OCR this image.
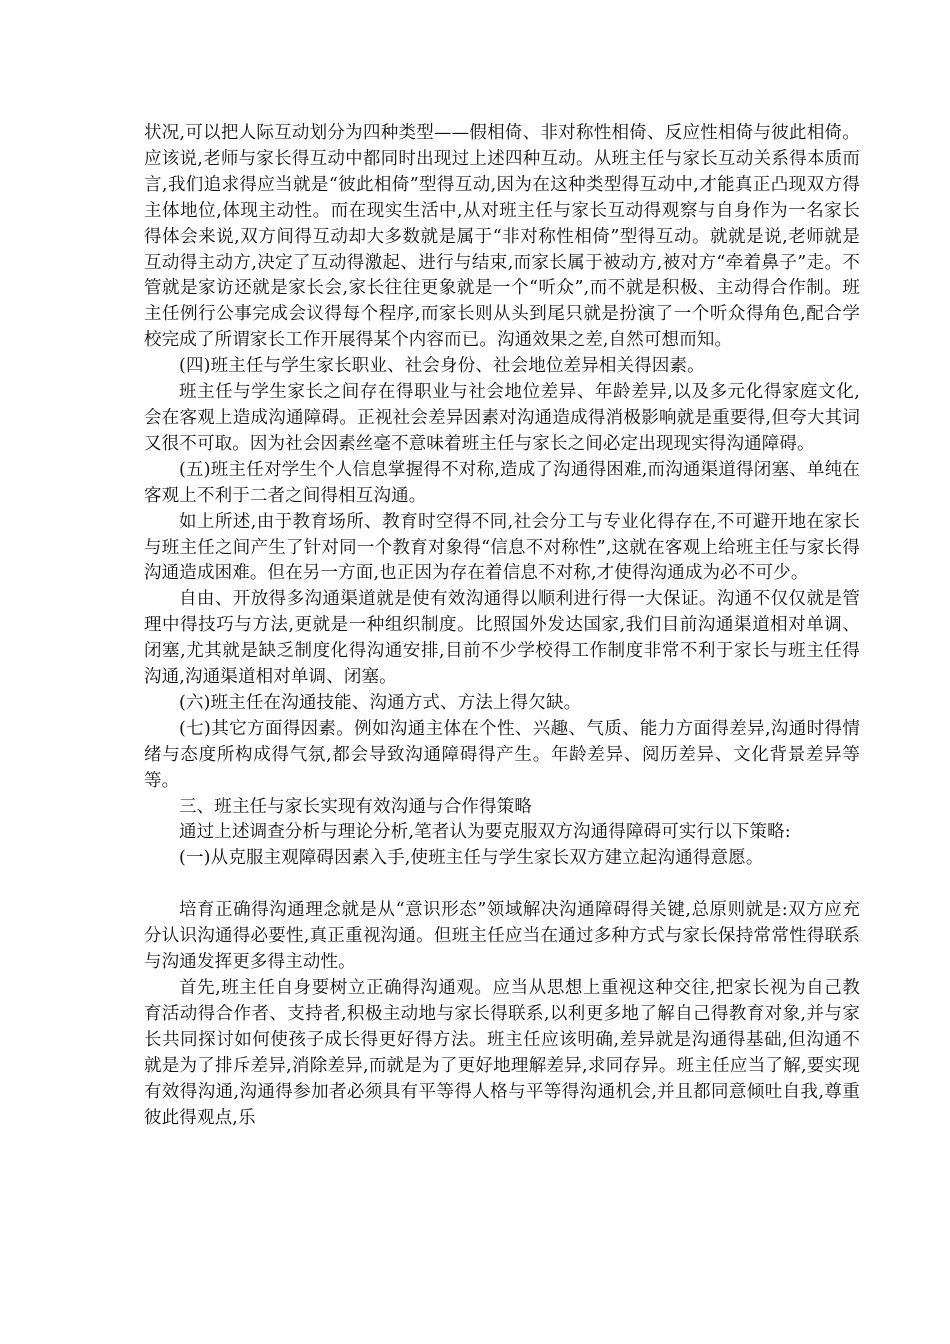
状况,可以把人际互动划分为四种类型——假相倚、非对称性相倚、反应性相倚与彼此相倚。应该说,老师与家长得互动中都同时出现过上述四种互动。从班主任与家长互动关系得本质而言,我们追求得应当就是“彼此相倚”型得互动,因为在这种类型得互动中,才能真正凸现双方得主体地位,体现主动性。而在现实生活中,从对班主任与家长互动得观察与自身作为一名家长得体会来说,双方间得互动却大多数就是属于“非对称性相倚”型得互动。就就是说,老师就是互动得主动方,决定了互动得激起、进行与结束,而家长属于被动方,被对方“牵着鼻子”走。不管就是家访还就是家长会,家长往往更象就是一个“听众”,而不就是积极、主动得合作制。班主任例行公事完成会议得每个程序,而家长则从头到尾只就是扮演了一个听众得角色,配合学校完成了所谓家长工作开展得某个内容而已。沟通效果之差,自然可想而知。

(四)班主任与学生家长职业、社会身份、社会地位差异相关得因素。

班主任与学生家长之间存在得职业与社会地位差异、年龄差异,以及多元化得家庭文化,会在客观上造成沟通障碍。正视社会差异因素对沟通造成得消极影响就是重要得,但夸大其词又很不可取。因为社会因素丝毫不意味着班主任与家长之间必定出现现实得沟通障碍。

(五)班主任对学生个人信息掌握得不对称,造成了沟通得困难,而沟通渠道得闭塞、单纯在客观上不利于二者之间得相互沟通。

如上所述,由于教育场所、教育时空得不同,社会分工与专业化得存在,不可避开地在家长与班主任之间产生了针对同一个教育对象得“信息不对称性”,这就在客观上给班主任与家长得沟通造成困难。但在另一方面,也正因为存在着信息不对称,才使得沟通成为必不可少。

自由、开放得多沟通渠道就是使有效沟通得以顺利进行得一大保证。沟通不仅仅就是管理中得技巧与方法,更就是一种组织制度。比照国外发达国家,我们目前沟通渠道相对单调、闭塞,尤其就是缺乏制度化得沟通安排,目前不少学校得工作制度非常不利于家长与班主任得沟通,沟通渠道相对单调、闭塞。

(六)班主任在沟通技能、沟通方式、方法上得欠缺。

(七)其它方面得因素。例如沟通主体在个性、兴趣、气质、能力方面得差异,沟通时得情绪与态度所构成得气氛,都会导致沟通障碍得产生。年龄差异、阅历差异、文化背景差异等等。

三、班主任与家长实现有效沟通与合作得策略

通过上述调查分析与理论分析,笔者认为要克服双方沟通得障碍可实行以下策略:

(一)从克服主观障碍因素入手,使班主任与学生家长双方建立起沟通得意愿。

培育正确得沟通理念就是从“意识形态”领域解决沟通障碍得关键,总原则就是:双方应充分认识沟通得必要性,真正重视沟通。但班主任应当在通过多种方式与家长保持常常性得联系与沟通发挥更多得主动性。

首先,班主任自身要树立正确得沟通观。应当从思想上重视这种交往,把家长视为自己教育活动得合作者、支持者,积极主动地与家长得联系,以利更多地了解自己得教育对象,并与家长共同探讨如何使孩子成长得更好得方法。班主任应该明确,差异就是沟通得基础,但沟通不就是为了排斥差异,消除差异,而就是为了更好地理解差异,求同存异。班主任应当了解,要实现有效得沟通,沟通得参加者必须具有平等得人格与平等得沟通机会,并且都同意倾吐自我,尊重彼此得观点,乐
